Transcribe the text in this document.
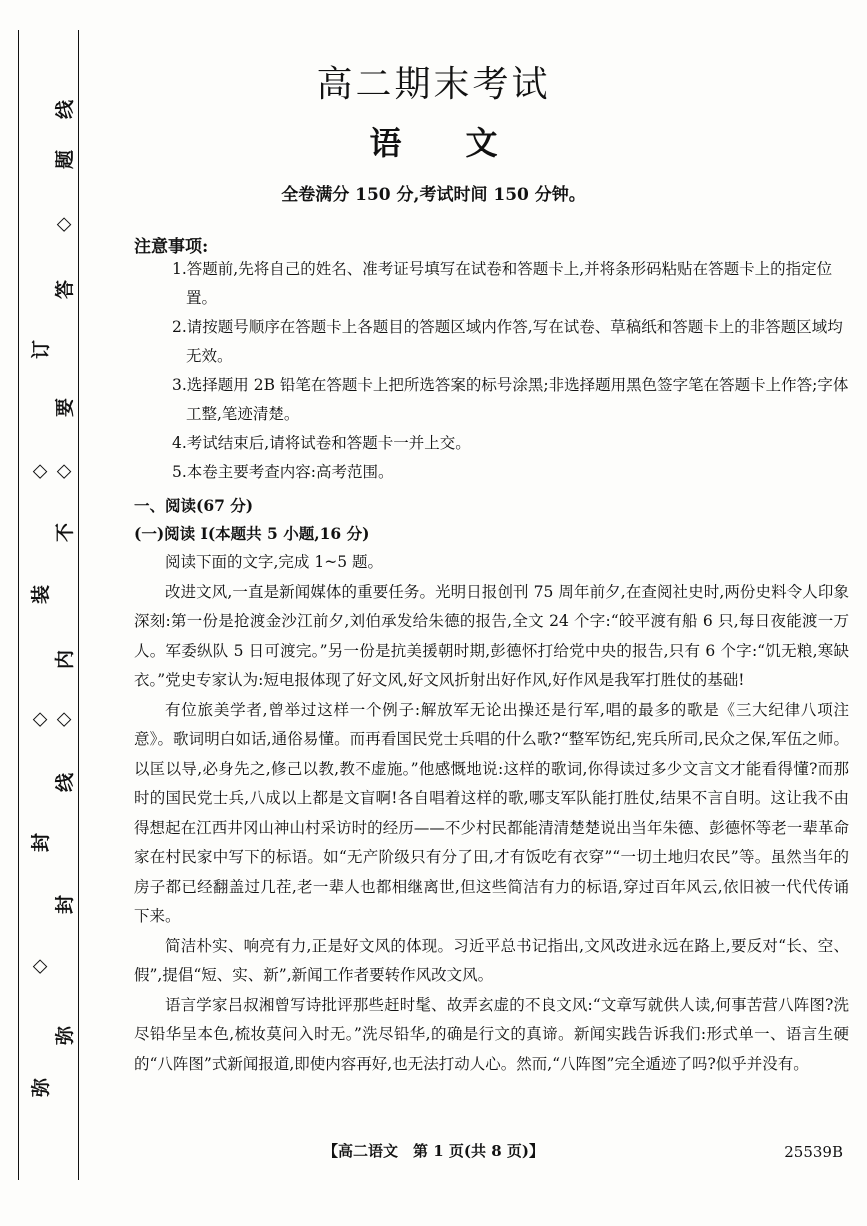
线
题
◇
答
要
◇
不
内
◇
线
封
弥
订
◇
装
◇
封
◇
弥
高二期末考试
语　　文
全卷满分 150 分,考试时间 150 分钟。
注意事项:
1.答题前,先将自己的姓名、准考证号填写在试卷和答题卡上,并将条形码粘贴在答题卡上的指定位置。
2.请按题号顺序在答题卡上各题目的答题区域内作答,写在试卷、草稿纸和答题卡上的非答题区域均无效。
3.选择题用 2B 铅笔在答题卡上把所选答案的标号涂黑;非选择题用黑色签字笔在答题卡上作答;字体工整,笔迹清楚。
4.考试结束后,请将试卷和答题卡一并上交。
5.本卷主要考查内容:高考范围。
一、阅读(67 分)
(一)阅读 Ⅰ(本题共 5 小题,16 分)

阅读下面的文字,完成 1~5 题。

改进文风,一直是新闻媒体的重要任务。光明日报创刊 75 周年前夕,在查阅社史时,两份史料令人印象深刻:第一份是抢渡金沙江前夕,刘伯承发给朱德的报告,全文 24 个字:“皎平渡有船 6 只,每日夜能渡一万人。军委纵队 5 日可渡完。”另一份是抗美援朝时期,彭德怀打给党中央的报告,只有 6 个字:“饥无粮,寒缺衣。”党史专家认为:短电报体现了好文风,好文风折射出好作风,好作风是我军打胜仗的基础!

有位旅美学者,曾举过这样一个例子:解放军无论出操还是行军,唱的最多的歌是《三大纪律八项注意》。歌词明白如话,通俗易懂。而再看国民党士兵唱的什么歌?“整军饬纪,宪兵所司,民众之保,军伍之师。以匡以导,必身先之,修己以教,教不虚施。”他感慨地说:这样的歌词,你得读过多少文言文才能看得懂?而那时的国民党士兵,八成以上都是文盲啊!各自唱着这样的歌,哪支军队能打胜仗,结果不言自明。这让我不由得想起在江西井冈山神山村采访时的经历——不少村民都能清清楚楚说出当年朱德、彭德怀等老一辈革命家在村民家中写下的标语。如“无产阶级只有分了田,才有饭吃有衣穿”“一切土地归农民”等。虽然当年的房子都已经翻盖过几茬,老一辈人也都相继离世,但这些简洁有力的标语,穿过百年风云,依旧被一代代传诵下来。

简洁朴实、响亮有力,正是好文风的体现。习近平总书记指出,文风改进永远在路上,要反对“长、空、假”,提倡“短、实、新”,新闻工作者要转作风改文风。

语言学家吕叔湘曾写诗批评那些赶时髦、故弄玄虚的不良文风:“文章写就供人读,何事苦营八阵图?洗尽铅华呈本色,梳妆莫问入时无。”洗尽铅华,的确是行文的真谛。新闻实践告诉我们:形式单一、语言生硬的“八阵图”式新闻报道,即使内容再好,也无法打动人心。然而,“八阵图”完全遁迹了吗?似乎并没有。

【高二语文　第 1 页(共 8 页)】	25539B
